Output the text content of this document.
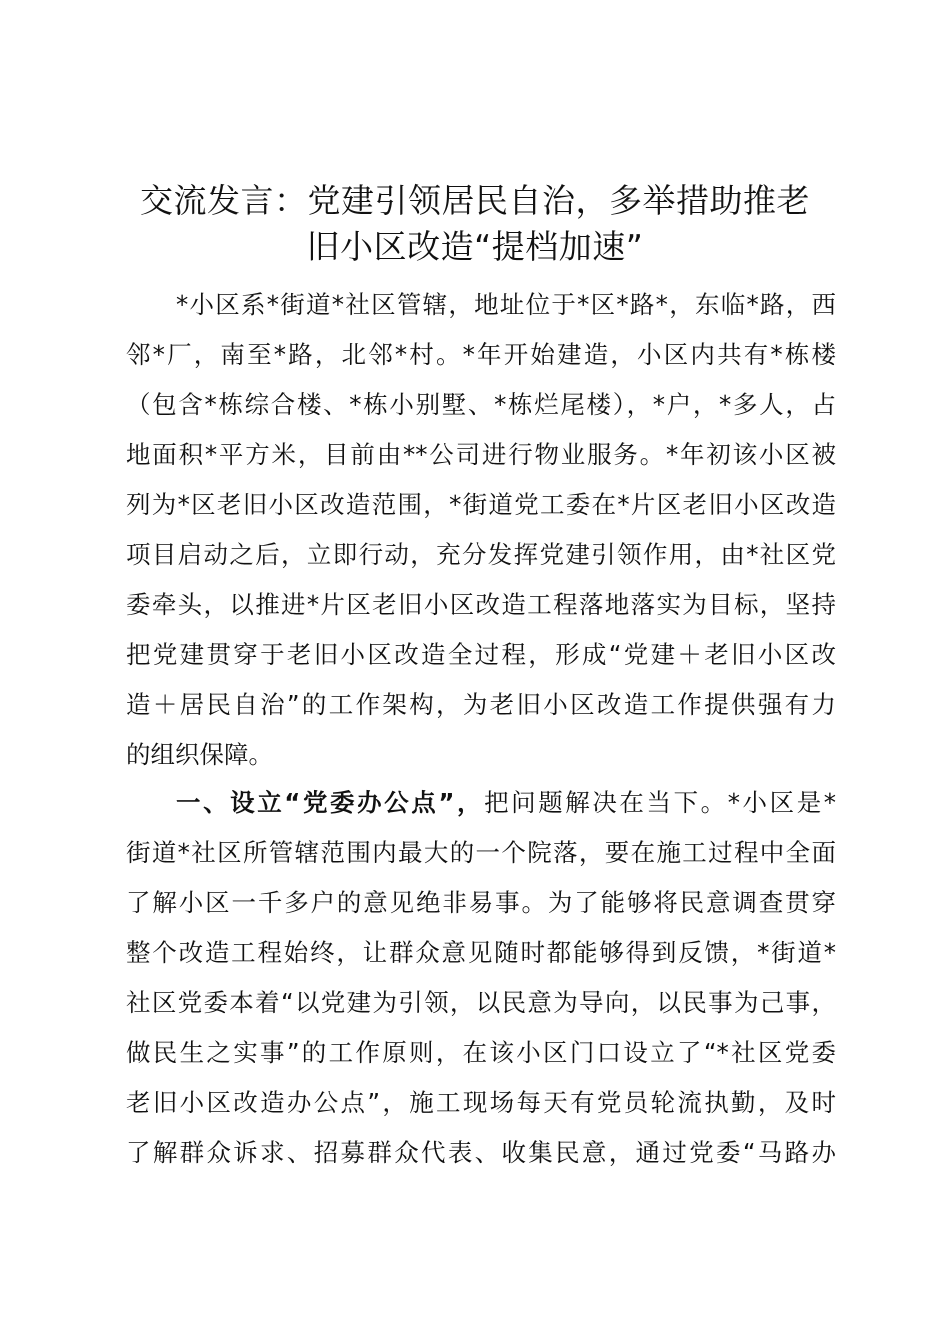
交流发言：党建引领居民自治，多举措助推老
旧小区改造“提档加速”
*小区系*街道*社区管辖，地址位于*区*路*，东临*路，西
邻*厂，南至*路，北邻*村。*年开始建造，小区内共有*栋楼
（包含*栋综合楼、*栋小别墅、*栋烂尾楼），*户，*多人，占
地面积*平方米，目前由**公司进行物业服务。*年初该小区被
列为*区老旧小区改造范围，*街道党工委在*片区老旧小区改造
项目启动之后，立即行动，充分发挥党建引领作用，由*社区党
委牵头，以推进*片区老旧小区改造工程落地落实为目标，坚持
把党建贯穿于老旧小区改造全过程，形成“党建＋老旧小区改
造＋居民自治”的工作架构，为老旧小区改造工作提供强有力
的组织保障。
一、设立“党委办公点”，把问题解决在当下。*小区是*
街道*社区所管辖范围内最大的一个院落，要在施工过程中全面
了解小区一千多户的意见绝非易事。为了能够将民意调查贯穿
整个改造工程始终，让群众意见随时都能够得到反馈，*街道*
社区党委本着“以党建为引领，以民意为导向，以民事为己事，
做民生之实事”的工作原则，在该小区门口设立了“*社区党委
老旧小区改造办公点”，施工现场每天有党员轮流执勤，及时
了解群众诉求、招募群众代表、收集民意，通过党委“马路办
